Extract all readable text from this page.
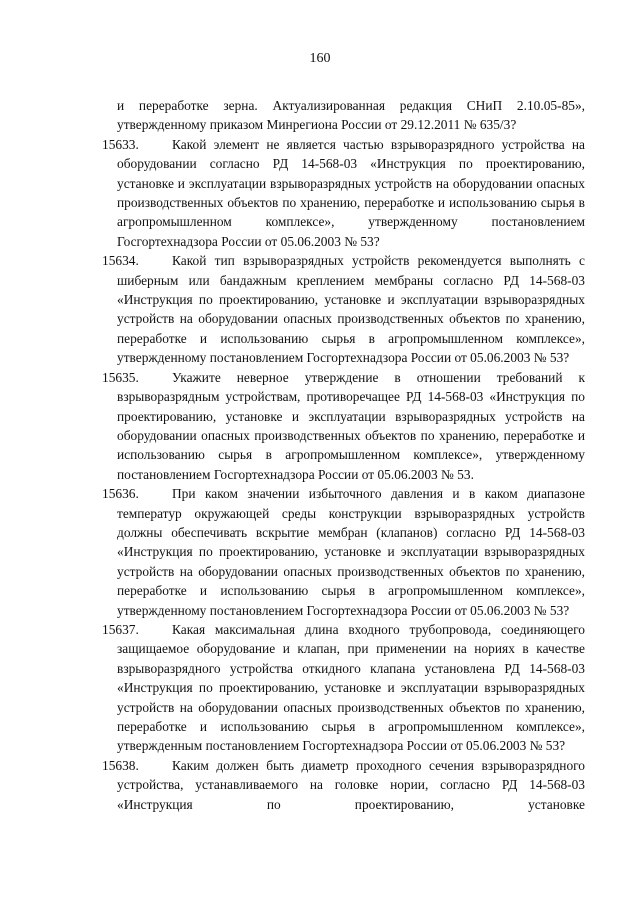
160

и переработке зерна. Актуализированная редакция СНиП 2.10.05-85», утвержденному приказом Минрегиона России от 29.12.2011 № 635/3?

15633.	Какой элемент не является частью взрыворазрядного устройства на оборудовании согласно РД 14-568-03 «Инструкция по проектированию, установке и эксплуатации взрыворазрядных устройств на оборудовании опасных производственных объектов по хранению, переработке и использованию сырья в агропромышленном комплексе», утвержденному постановлением Госгортехнадзора России от 05.06.2003 № 53?
15634.	Какой тип взрыворазрядных устройств рекомендуется выполнять с шиберным или бандажным креплением мембраны согласно РД 14-568-03 «Инструкция по проектированию, установке и эксплуатации взрыворазрядных устройств на оборудовании опасных производственных объектов по хранению, переработке и использованию сырья в агропромышленном комплексе», утвержденному постановлением Госгортехнадзора России от 05.06.2003 № 53?
15635.	Укажите неверное утверждение в отношении требований к взрыворазрядным устройствам, противоречащее РД 14-568-03 «Инструкция по проектированию, установке и эксплуатации взрыворазрядных устройств на оборудовании опасных производственных объектов по хранению, переработке и использованию сырья в агропромышленном комплексе», утвержденному постановлением Госгортехнадзора России от 05.06.2003 № 53.
15636.	При каком значении избыточного давления и в каком диапазоне температур окружающей среды конструкции взрыворазрядных устройств должны обеспечивать вскрытие мембран (клапанов) согласно РД 14-568-03 «Инструкция по проектированию, установке и эксплуатации взрыворазрядных устройств на оборудовании опасных производственных объектов по хранению, переработке и использованию сырья в агропромышленном комплексе», утвержденному постановлением Госгортехнадзора России от 05.06.2003 № 53?
15637.	Какая максимальная длина входного трубопровода, соединяющего защищаемое оборудование и клапан, при применении на нориях в качестве взрыворазрядного устройства откидного клапана установлена РД 14-568-03 «Инструкция по проектированию, установке и эксплуатации взрыворазрядных устройств на оборудовании опасных производственных объектов по хранению, переработке и использованию сырья в агропромышленном комплексе», утвержденным постановлением Госгортехнадзора России от 05.06.2003 № 53?
15638.	Каким должен быть диаметр проходного сечения взрыворазрядного устройства, устанавливаемого на головке нории, согласно РД 14-568-03 «Инструкция по проектированию, установке
